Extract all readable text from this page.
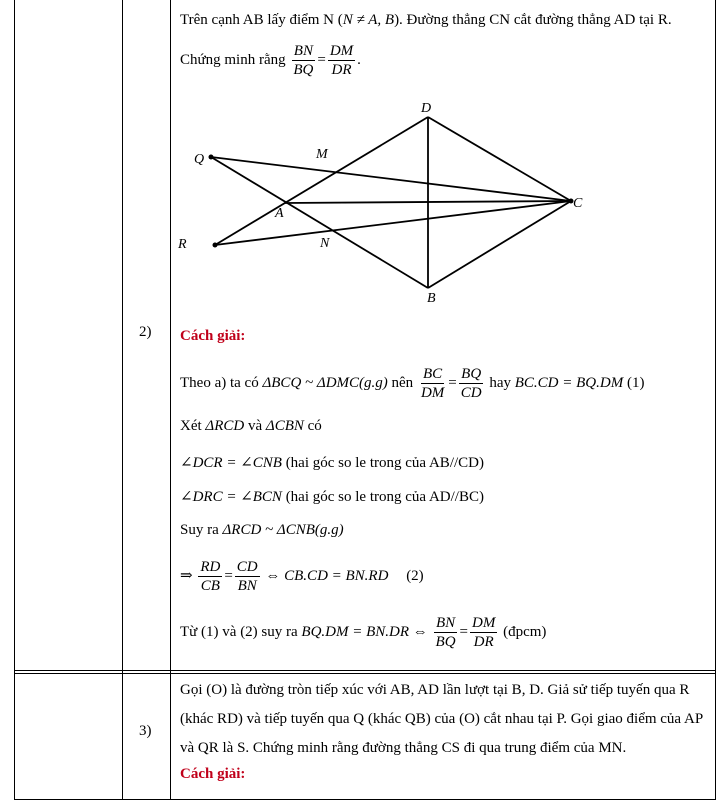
2)
Trên cạnh AB lấy điểm N (N ≠ A, B). Đường thẳng CN cắt đường thẳng AD tại R.
Chứng minh rằng $\frac{BN}{BQ} = \frac{DM}{DR}$ .
D
Q	M
C
A
R	N
B
Cách giải:
Theo a) ta có ΔBCQ ~ ΔDMC(g.g) nên $\frac{BC}{DM} = \frac{BQ}{CD}$ hay BC.CD = BQ.DM (1)
Xét ΔRCD và ΔCBN có
∠DCR = ∠CNB (hai góc so le trong của AB//CD)
∠DRC = ∠BCN (hai góc so le trong của AD//BC)
Suy ra ΔRCD ~ ΔCNB(g.g)
⇒ $\frac{RD}{CB} = \frac{CD}{BN}$ ⇔ CB.CD = BN.RD (2)
Từ (1) và (2) suy ra BQ.DM = BN.DR ⇔ $\frac{BN}{BQ} = \frac{DM}{DR}$ (đpcm)
3)
Gọi (O) là đường tròn tiếp xúc với AB, AD lần lượt tại B, D. Giả sử tiếp tuyến qua R (khác RD) và tiếp tuyến qua Q (khác QB) của (O) cắt nhau tại P. Gọi giao điểm của AP và QR là S. Chứng minh rằng đường thẳng CS đi qua trung điểm của MN.
Cách giải:
